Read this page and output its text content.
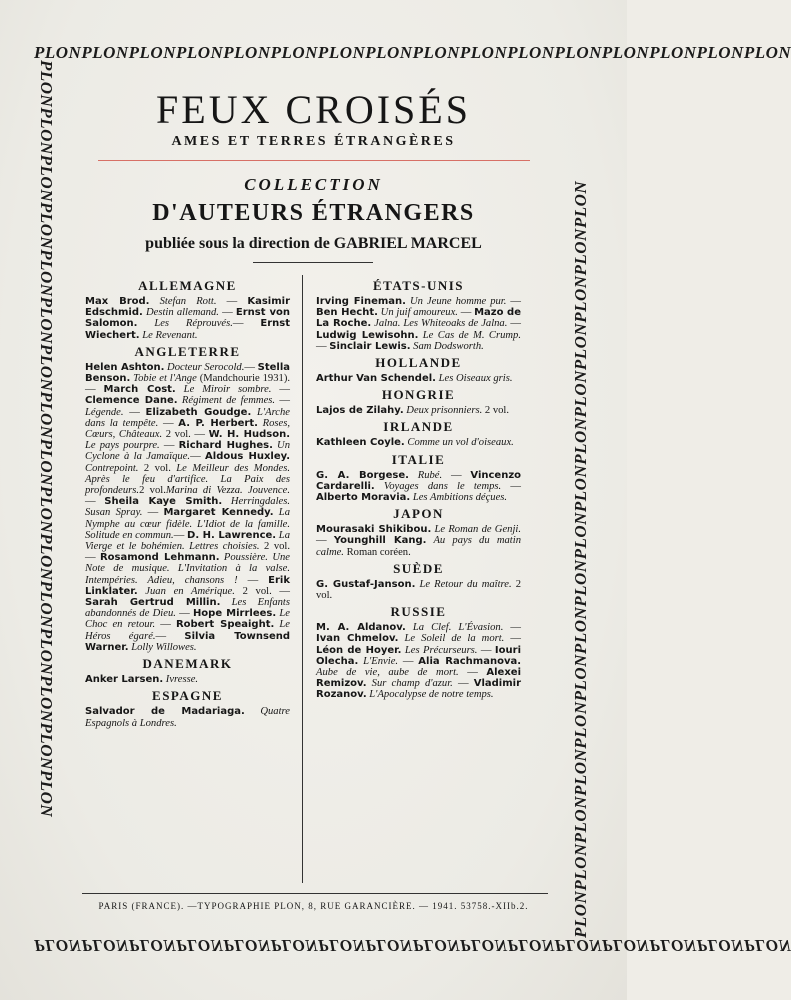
PLONPLONPLONPLONPLONPLONPLONPLONPLONPLONPLONPLONPLONPLONPLONPLON
PLONPLONPLONPLONPLONPLONPLONPLONPLONPLONPLONPLONPLONPLONPLONPLON
PLONPLONPLONPLONPLONPLONPLONPLONPLONPLONPLONPLONPLONPLONPLONPLON	PLONPLONPLONPLONPLONPLONPLONPLONPLONPLONPLONPLONPLONPLONPLONPLON
FEUX CROISÉS
AMES ET TERRES ÉTRANGÈRES
COLLECTION
D'AUTEURS ÉTRANGERS
publiée sous la direction de GABRIEL MARCEL
ALLEMAGNE

Max Brod. Stefan Rott. — Kasimir Edschmid. Destin allemand. — Ernst von Salomon. Les Réprouvés.— Ernst Wiechert. Le Revenant.

ANGLETERRE

Helen Ashton. Docteur Serocold.— Stella Benson. Tobie et l'Ange (Mandchourie 1931). — March Cost. Le Miroir sombre. — Clemence Dane. Régiment de femmes. — Légende. — Elizabeth Goudge. L'Arche dans la tempête. — A. P. Herbert. Roses, Cœurs, Châteaux. 2 vol. — W. H. Hudson. Le pays pourpre. — Richard Hughes. Un Cyclone à la Jamaïque.— Aldous Huxley. Contrepoint. 2 vol. Le Meilleur des Mondes. Après le feu d'artifice. La Paix des profondeurs.2 vol.Marina di Vezza. Jouvence. — Sheila Kaye Smith. Herringdales. Susan Spray. — Margaret Kennedy. La Nymphe au cœur fidèle. L'Idiot de la famille. Solitude en commun.— D. H. Lawrence. La Vierge et le bohémien. Lettres choisies. 2 vol. — Rosamond Lehmann. Poussière. Une Note de musique. L'Invitation à la valse. Intempéries. Adieu, chansons ! — Erik Linklater. Juan en Amérique. 2 vol. — Sarah Gertrud Millin. Les Enfants abandonnés de Dieu. — Hope Mirrlees. Le Choc en retour. — Robert Speaight. Le Héros égaré.— Silvia Townsend Warner. Lolly Willowes.

DANEMARK

Anker Larsen. Ivresse.

ESPAGNE

Salvador de Madariaga. Quatre Espagnols à Londres.

ÉTATS-UNIS

Irving Fineman. Un Jeune homme pur. — Ben Hecht. Un juif amoureux. — Mazo de La Roche. Jalna. Les Whiteoaks de Jalna. — Ludwig Lewisohn. Le Cas de M. Crump. — Sinclair Lewis. Sam Dodsworth.

HOLLANDE

Arthur Van Schendel. Les Oiseaux gris.

HONGRIE

Lajos de Zilahy. Deux prisonniers. 2 vol.

IRLANDE

Kathleen Coyle. Comme un vol d'oiseaux.

ITALIE

G. A. Borgese. Rubé. — Vincenzo Cardarelli. Voyages dans le temps. — Alberto Moravia. Les Ambitions déçues.

JAPON

Mourasaki Shikibou. Le Roman de Genji. — Younghill Kang. Au pays du matin calme. Roman coréen.

SUÈDE

G. Gustaf-Janson. Le Retour du maître. 2 vol.

RUSSIE

M. A. Aldanov. La Clef. L'Évasion. — Ivan Chmelov. Le Soleil de la mort. — Léon de Hoyer. Les Précurseurs. — Iouri Olecha. L'Envie. — Alia Rachmanova. Aube de vie, aube de mort. — Alexei Remizov. Sur champ d'azur. — Vladimir Rozanov. L'Apocalypse de notre temps.

PARIS (FRANCE). —TYPOGRAPHIE PLON, 8, RUE GARANCIÈRE. — 1941. 53758.-XIIb.2.
